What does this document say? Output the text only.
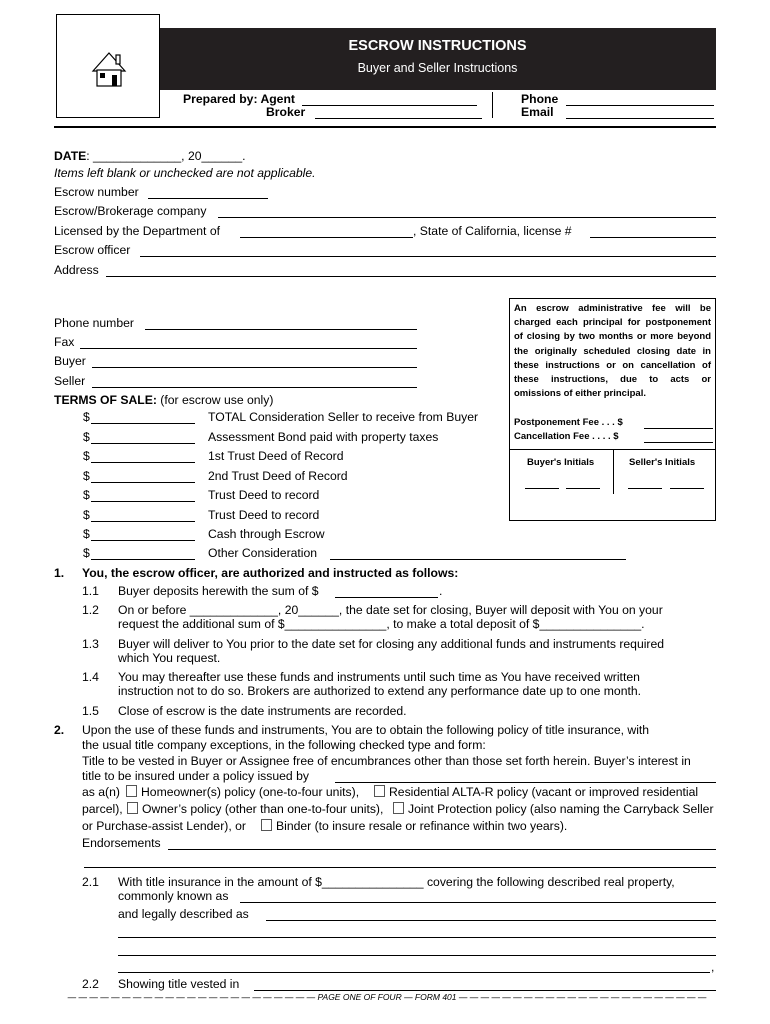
ESCROW INSTRUCTIONS
Buyer and Seller Instructions
Prepared by: Agent
Broker
Phone
Email
DATE: _____________, 20______.
Items left blank or unchecked are not applicable.
Escrow number
Escrow/Brokerage company
Licensed by the Department of	, State of California, license #
Escrow officer
Address
Phone number
Fax
Buyer
Seller
An escrow administrative fee will be charged each principal for postponement of closing by two months or more beyond the originally scheduled closing date in these instructions or on cancellation of these instructions, due to acts or omissions of either principal.
Postponement Fee . . . $
Cancellation Fee . . . . $
Buyer's Initials	Seller's Initials
TERMS OF SALE: (for escrow use only)
$	TOTAL Consideration Seller to receive from Buyer
$	Assessment Bond paid with property taxes
$	1st Trust Deed of Record
$	2nd Trust Deed of Record
$	Trust Deed to record
$	Trust Deed to record
$	Cash through Escrow
$	Other Consideration
1. You, the escrow officer, are authorized and instructed as follows:
1.1 Buyer deposits herewith the sum of $	.
1.2 On or before _____________, 20______, the date set for closing, Buyer will deposit with You on your
request the additional sum of $_______________, to make a total deposit of $_______________.
1.3 Buyer will deliver to You prior to the date set for closing any additional funds and instruments required
which You request.
1.4 You may thereafter use these funds and instruments until such time as You have received written
instruction not to do so. Brokers are authorized to extend any performance date up to one month.
1.5 Close of escrow is the date instruments are recorded.
2. Upon the use of these funds and instruments, You are to obtain the following policy of title insurance, with
the usual title company exceptions, in the following checked type and form:
Title to be vested in Buyer or Assignee free of encumbrances other than those set forth herein. Buyer’s interest in
title to be insured under a policy issued by
as a(n) Homeowner(s) policy (one-to-four units), Residential ALTA-R policy (vacant or improved residential
parcel), Owner’s policy (other than one-to-four units), Joint Protection policy (also naming the Carryback Seller
or Purchase-assist Lender), or Binder (to insure resale or refinance within two years).
Endorsements
2.1 With title insurance in the amount of $_______________ covering the following described real property,
commonly known as
and legally described as
,
2.2 Showing title vested in
— — — — — — — — — — — — — — — — — — — — — — — PAGE ONE OF FOUR — FORM 401 — — — — — — — — — — — — — — — — — — — — — — —
